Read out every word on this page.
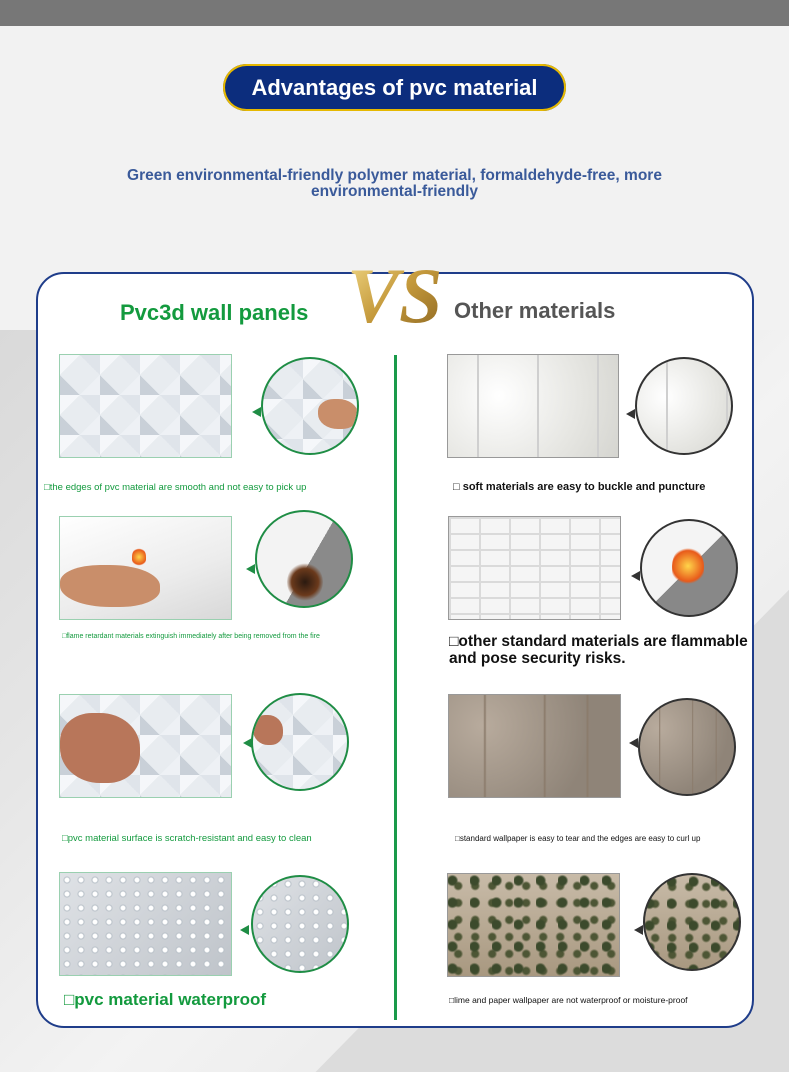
Advantages of pvc material
Green environmental-friendly polymer material, formaldehyde-free, more environmental-friendly
Pvc3d wall panels	Other materials
VS
□the edges of pvc material are smooth and not easy to pick up
□flame retardant materials extinguish immediately after being removed from the fire
□pvc material surface is scratch-resistant and easy to clean
□pvc material waterproof
□ soft materials are easy to buckle and puncture
□other standard materials are flammable and pose security risks.
□standard wallpaper is easy to tear and the edges are easy to curl up
□lime and paper wallpaper are not waterproof or moisture-proof
